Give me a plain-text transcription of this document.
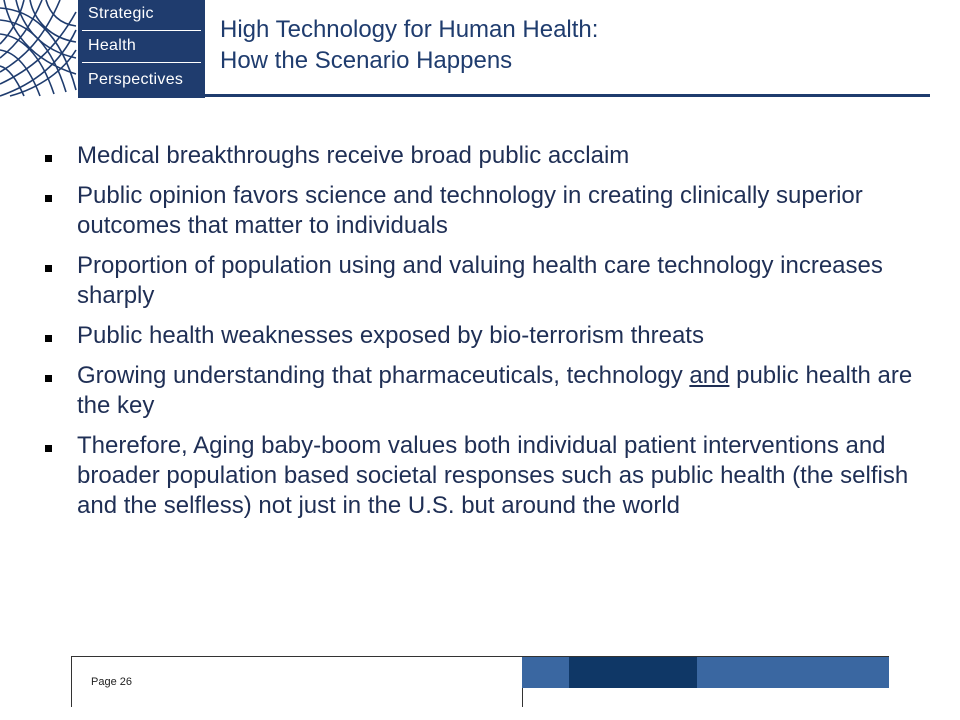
Strategic
Health
Perspectives
High Technology for Human Health:
How the Scenario Happens
Medical breakthroughs receive broad public acclaim
Public opinion favors science and technology in creating clinically superior outcomes that matter to individuals
Proportion of population using and valuing health care technology increases sharply
Public health weaknesses exposed by bio-terrorism threats
Growing understanding that pharmaceuticals, technology and public health are the key
Therefore, Aging baby-boom values both individual patient interventions and broader population based societal responses such as public health (the selfish and the selfless) not just in the U.S. but around the world
Page 26
